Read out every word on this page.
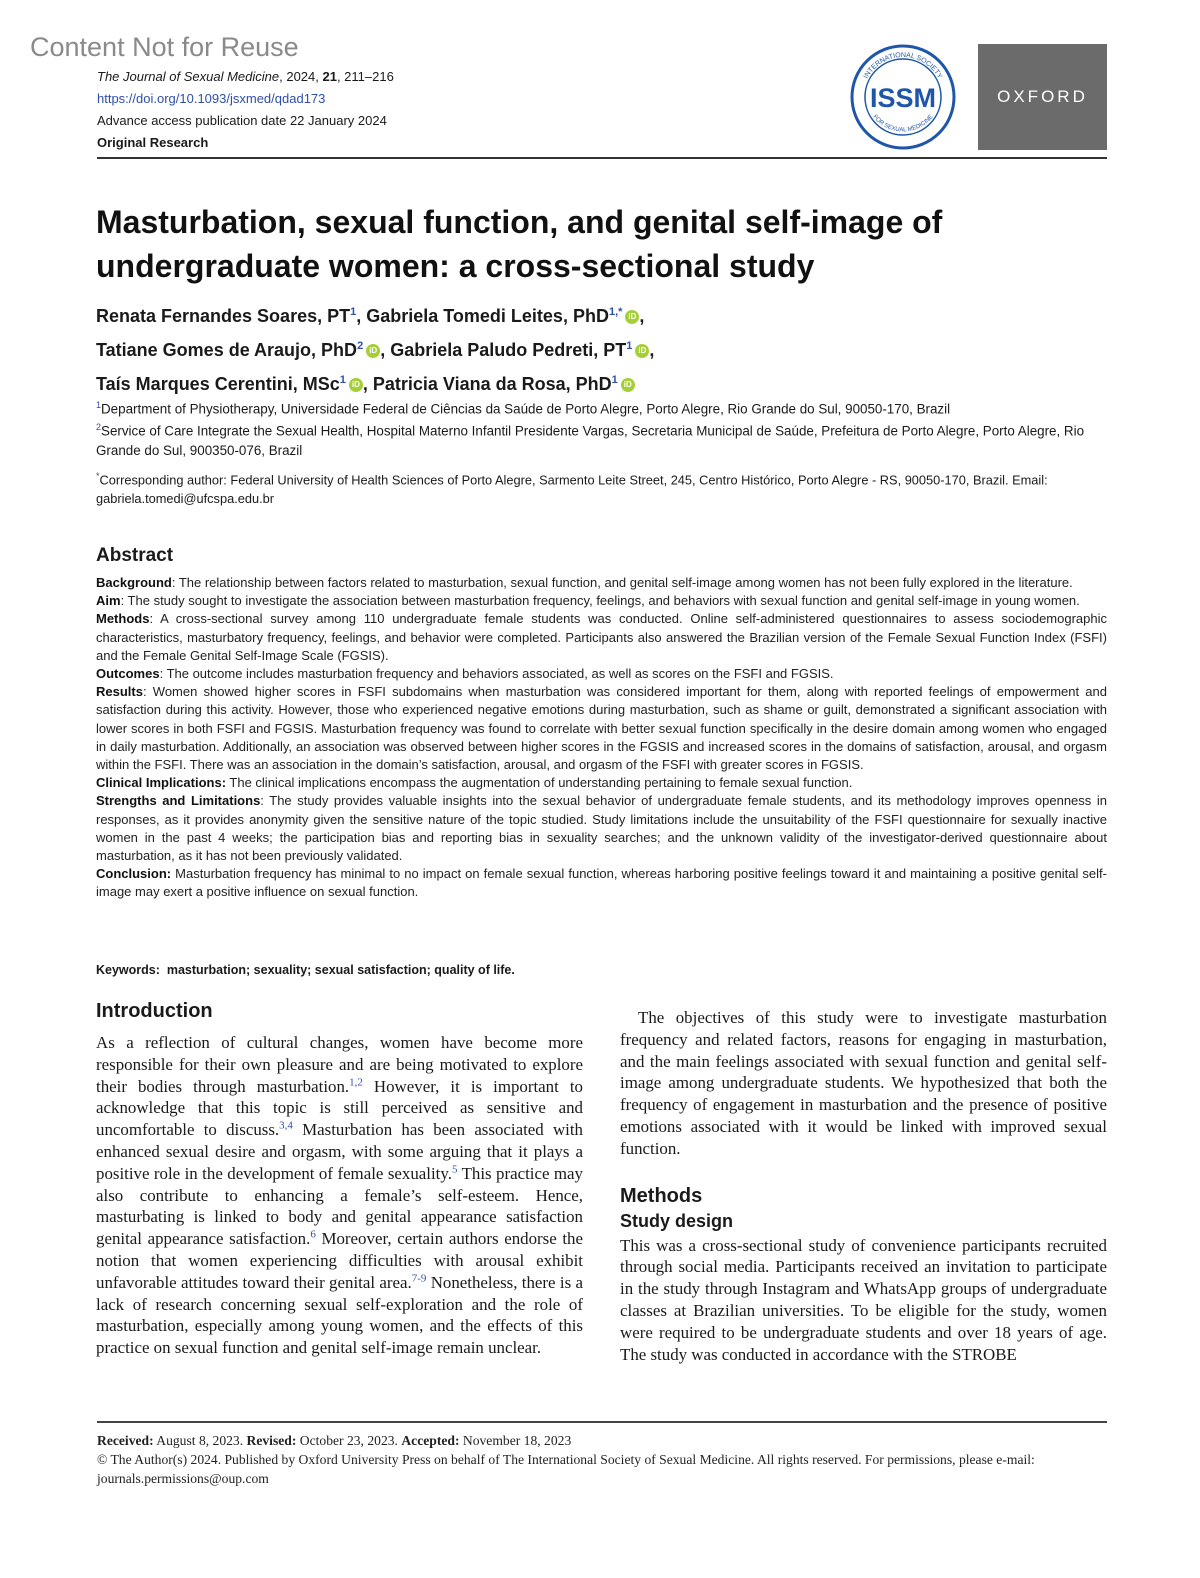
Content Not for Reuse
The Journal of Sexual Medicine, 2024, 21, 211–216
https://doi.org/10.1093/jsxmed/qdad173
Advance access publication date 22 January 2024
Original Research
INTERNATIONAL SOCIETY
FOR SEXUAL MEDICINE
ISSM	OXFORD
Masturbation, sexual function, and genital self-image of undergraduate women: a cross-sectional study
Renata Fernandes Soares, $PT^1$, Gabriela Tomedi Leites, PhD$^{1,*}$ iD ,
Tatiane Gomes de Araujo, PhD$^2$ iD , Gabriela Paludo Pedreti, $PT^1$ iD ,
Taís Marques Cerentini, MSc$^1$ iD , Patricia Viana da Rosa, PhD$^1$ iD
$^1$Department of Physiotherapy, Universidade Federal de Ciências da Saúde de Porto Alegre, Porto Alegre, Rio Grande do Sul, 90050-170, Brazil
$^2$Service of Care Integrate the Sexual Health, Hospital Materno Infantil Presidente Vargas, Secretaria Municipal de Saúde, Prefeitura de Porto Alegre, Porto Alegre, Rio Grande do Sul, 900350-076, Brazil
*Corresponding author: Federal University of Health Sciences of Porto Alegre, Sarmento Leite Street, 245, Centro Histórico, Porto Alegre - RS, 90050-170, Brazil. Email: gabriela.tomedi@ufcspa.edu.br
Abstract

Background: The relationship between factors related to masturbation, sexual function, and genital self-image among women has not been fully explored in the literature.

Aim: The study sought to investigate the association between masturbation frequency, feelings, and behaviors with sexual function and genital self-image in young women.

Methods: A cross-sectional survey among 110 undergraduate female students was conducted. Online self-administered questionnaires to assess sociodemographic characteristics, masturbatory frequency, feelings, and behavior were completed. Participants also answered the Brazilian version of the Female Sexual Function Index (FSFI) and the Female Genital Self-Image Scale (FGSIS).

Outcomes: The outcome includes masturbation frequency and behaviors associated, as well as scores on the FSFI and FGSIS.

Results: Women showed higher scores in FSFI subdomains when masturbation was considered important for them, along with reported feelings of empowerment and satisfaction during this activity. However, those who experienced negative emotions during masturbation, such as shame or guilt, demonstrated a significant association with lower scores in both FSFI and FGSIS. Masturbation frequency was found to correlate with better sexual function specifically in the desire domain among women who engaged in daily masturbation. Additionally, an association was observed between higher scores in the FGSIS and increased scores in the domains of satisfaction, arousal, and orgasm within the FSFI. There was an association in the domain’s satisfaction, arousal, and orgasm of the FSFI with greater scores in FGSIS.

Clinical Implications: The clinical implications encompass the augmentation of understanding pertaining to female sexual function.

Strengths and Limitations: The study provides valuable insights into the sexual behavior of undergraduate female students, and its methodology improves openness in responses, as it provides anonymity given the sensitive nature of the topic studied. Study limitations include the unsuitability of the FSFI questionnaire for sexually inactive women in the past 4 weeks; the participation bias and reporting bias in sexuality searches; and the unknown validity of the investigator-derived questionnaire about masturbation, as it has not been previously validated.

Conclusion: Masturbation frequency has minimal to no impact on female sexual function, whereas harboring positive feelings toward it and maintaining a positive genital self-image may exert a positive influence on sexual function.

Keywords: masturbation; sexuality; sexual satisfaction; quality of life.
Introduction

As a reflection of cultural changes, women have become more responsible for their own pleasure and are being motivated to explore their bodies through masturbation.$^{1,2}$ However, it is important to acknowledge that this topic is still perceived as sensitive and uncomfortable to discuss.$^{3,4}$ Masturbation has been associated with enhanced sexual desire and orgasm, with some arguing that it plays a positive role in the development of female sexuality.$^5$ This practice may also contribute to enhancing a female’s self-esteem. Hence, masturbating is linked to body and genital appearance satisfaction genital appearance satisfaction.$^6$ Moreover, certain authors endorse the notion that women experiencing difficulties with arousal exhibit unfavorable attitudes toward their genital area.$^{7-9}$ Nonetheless, there is a lack of research concerning sexual self-exploration and the role of masturbation, especially among young women, and the effects of this practice on sexual function and genital self-image remain unclear.

The objectives of this study were to investigate masturbation frequency and related factors, reasons for engaging in masturbation, and the main feelings associated with sexual function and genital self-image among undergraduate students. We hypothesized that both the frequency of engagement in masturbation and the presence of positive emotions associated with it would be linked with improved sexual function.

Methods
Study design

This was a cross-sectional study of convenience participants recruited through social media. Participants received an invitation to participate in the study through Instagram and WhatsApp groups of undergraduate classes at Brazilian universities. To be eligible for the study, women were required to be undergraduate students and over 18 years of age. The study was conducted in accordance with the STROBE

Received: August 8, 2023. Revised: October 23, 2023. Accepted: November 18, 2023

© The Author(s) 2024. Published by Oxford University Press on behalf of The International Society of Sexual Medicine. All rights reserved. For permissions, please e-mail: journals.permissions@oup.com
